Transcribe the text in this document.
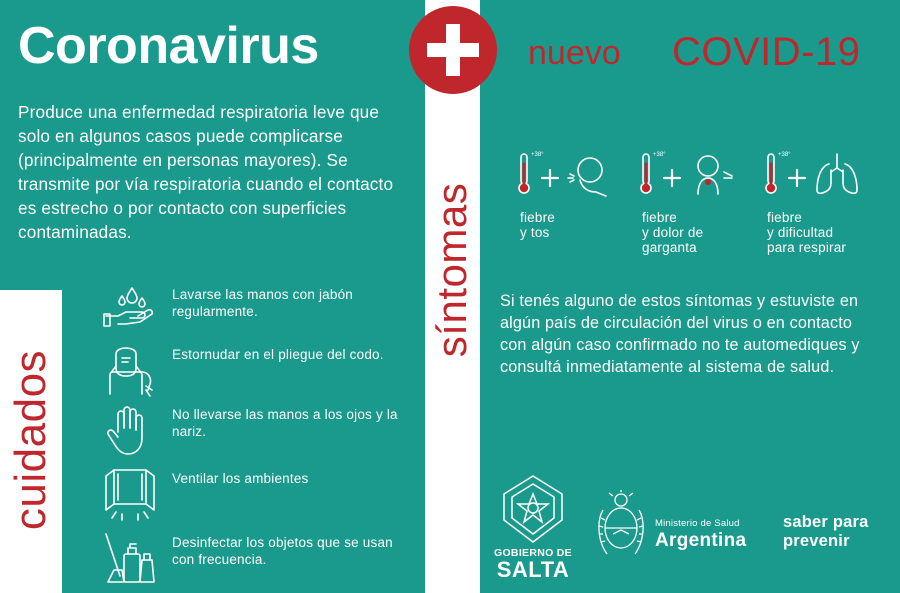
Coronavirus

Produce una enfermedad respiratoria leve que solo en algunos casos puede complicarse (principalmente en personas mayores). Se transmite por vía respiratoria cuando el contacto es estrecho o por contacto con superficies contaminadas.

cuidados
Lavarse las manos con jabón regularmente.
Estornudar en el pliegue del codo.
No llevarse las manos a los ojos y la nariz.
Ventilar los ambientes
Desinfectar los objetos que se usan con frecuencia.
síntomas
nuevo COVID-19
fiebre
y tos
+38°
fiebre
y dolor de
garganta
+38°
fiebre
y dificultad
para respirar
+38°

Si tenés alguno de estos síntomas y estuviste en algún país de circulación del virus o en contacto con algún caso confirmado no te automediques y consultá inmediatamente al sistema de salud.

GOBIERNO DE
SALTA
Ministerio de Salud
Argentina
saber para prevenir
